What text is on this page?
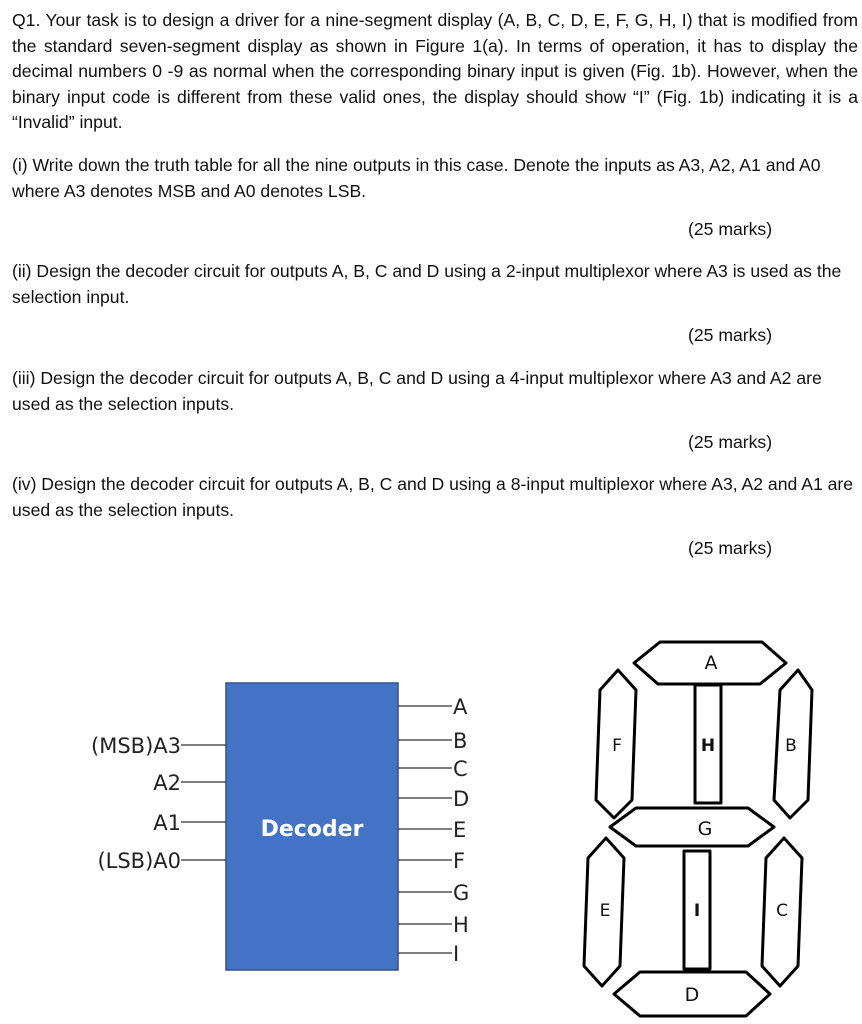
Q1. Your task is to design a driver for a nine-segment display (A, B, C, D, E, F, G, H, I) that is modified from the standard seven-segment display as shown in Figure 1(a). In terms of operation, it has to display the decimal numbers 0 -9 as normal when the corresponding binary input is given (Fig. 1b). However, when the binary input code is different from these valid ones, the display should show “I” (Fig. 1b) indicating it is a “Invalid” input.
(i) Write down the truth table for all the nine outputs in this case. Denote the inputs as A3, A2, A1 and A0 where A3 denotes MSB and A0 denotes LSB.
(25 marks)
(ii) Design the decoder circuit for outputs A, B, C and D using a 2-input multiplexor where A3 is used as the selection input.
(25 marks)
(iii) Design the decoder circuit for outputs A, B, C and D using a 4-input multiplexor where A3 and A2 are used as the selection inputs.
(25 marks)
(iv) Design the decoder circuit for outputs A, B, C and D using a 8-input multiplexor where A3, A2 and A1 are used as the selection inputs.
(25 marks)
Decoder
(MSB)A3
A2
A1
(LSB)A0
A
B
C
D
E
F
G
H
I
A
F	H	B
G
E	I	C
D
